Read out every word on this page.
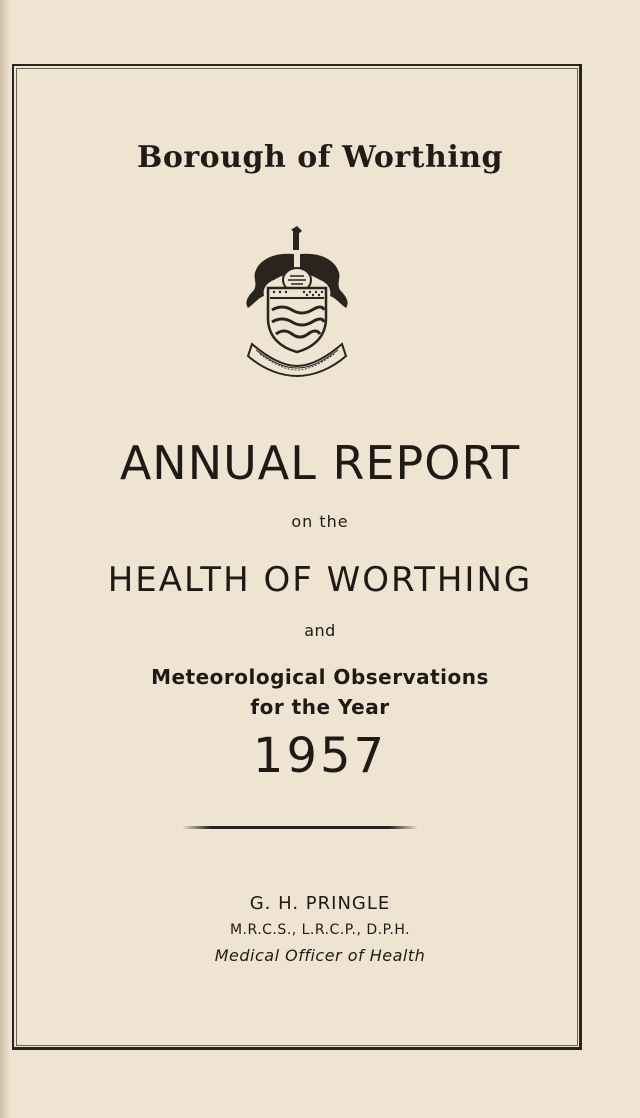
Borough of Worthing
ANNUAL REPORT
on the
HEALTH OF WORTHING
and
Meteorological Observations
for the Year
1957
G. H. PRINGLE
M.R.C.S., L.R.C.P., D.P.H.
Medical Officer of Health
